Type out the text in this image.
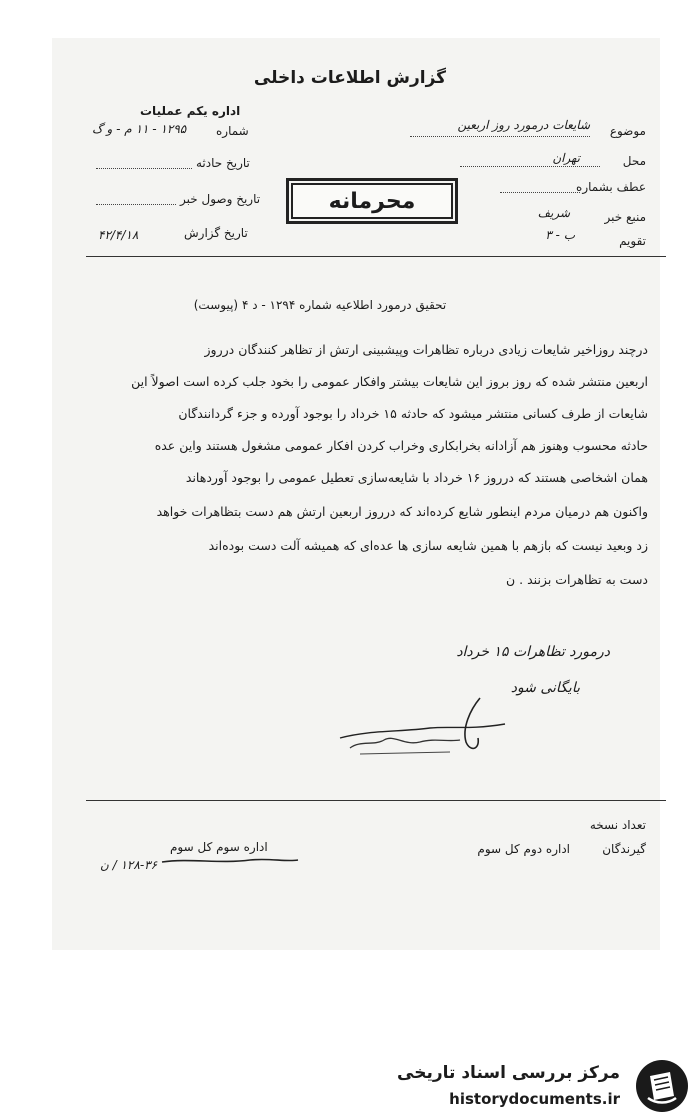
گزارش اطلاعات داخلی
اداره یکم عملیات
شماره
۱۲۹۵ - ۱۱ م - و گ
تاریخ حادثه
تاریخ وصول خبر
تاریخ گزارش
۴۲/۴/۱۸
محرمانه
موضوع
شایعات درمورد روز اربعین
محل
تهران
عطف بشماره
منبع خبر
شریف
تقویم
ب - ۳
تحقیق درمورد اطلاعیه شماره ۱۲۹۴ - د ۴ (پیوست)
درچند روزاخیر شایعات زیادی درباره تظاهرات وپیشبینی ارتش از تظاهر کنندگان درروز
اربعین منتشر شده که روز بروز این شایعات بیشتر وافکار عمومی را بخود جلب کرده است اصولاً این
شایعات از طرف کسانی منتشر میشود که حادثه ۱۵ خرداد را بوجود آورده و جزء گردانندگان
حادثه محسوب وهنوز هم آزادانه بخرابکاری وخراب کردن افکار عمومی مشغول هستند واین عده
همان اشخاصی هستند که درروز ۱۶ خرداد با شایعه‌سازی تعطیل عمومی را بوجود آوردهاند
واکنون هم درمیان مردم اینطور شایع کرده‌اند که درروز اربعین ارتش هم دست بتظاهرات خواهد
زد وبعید نیست که بازهم با همین شایعه سازی ها عده‌ای که همیشه آلت دست بوده‌اند
دست به تظاهرات بزنند . ن
درمورد تظاهرات ۱۵ خرداد
بایگانی شود
تعداد نسخه
گیرندگان
اداره دوم کل سوم
اداره سوم کل سوم
۱۲۸-۳۶ / ن
مرکز بررسی اسناد تاریخی
historydocuments.ir
